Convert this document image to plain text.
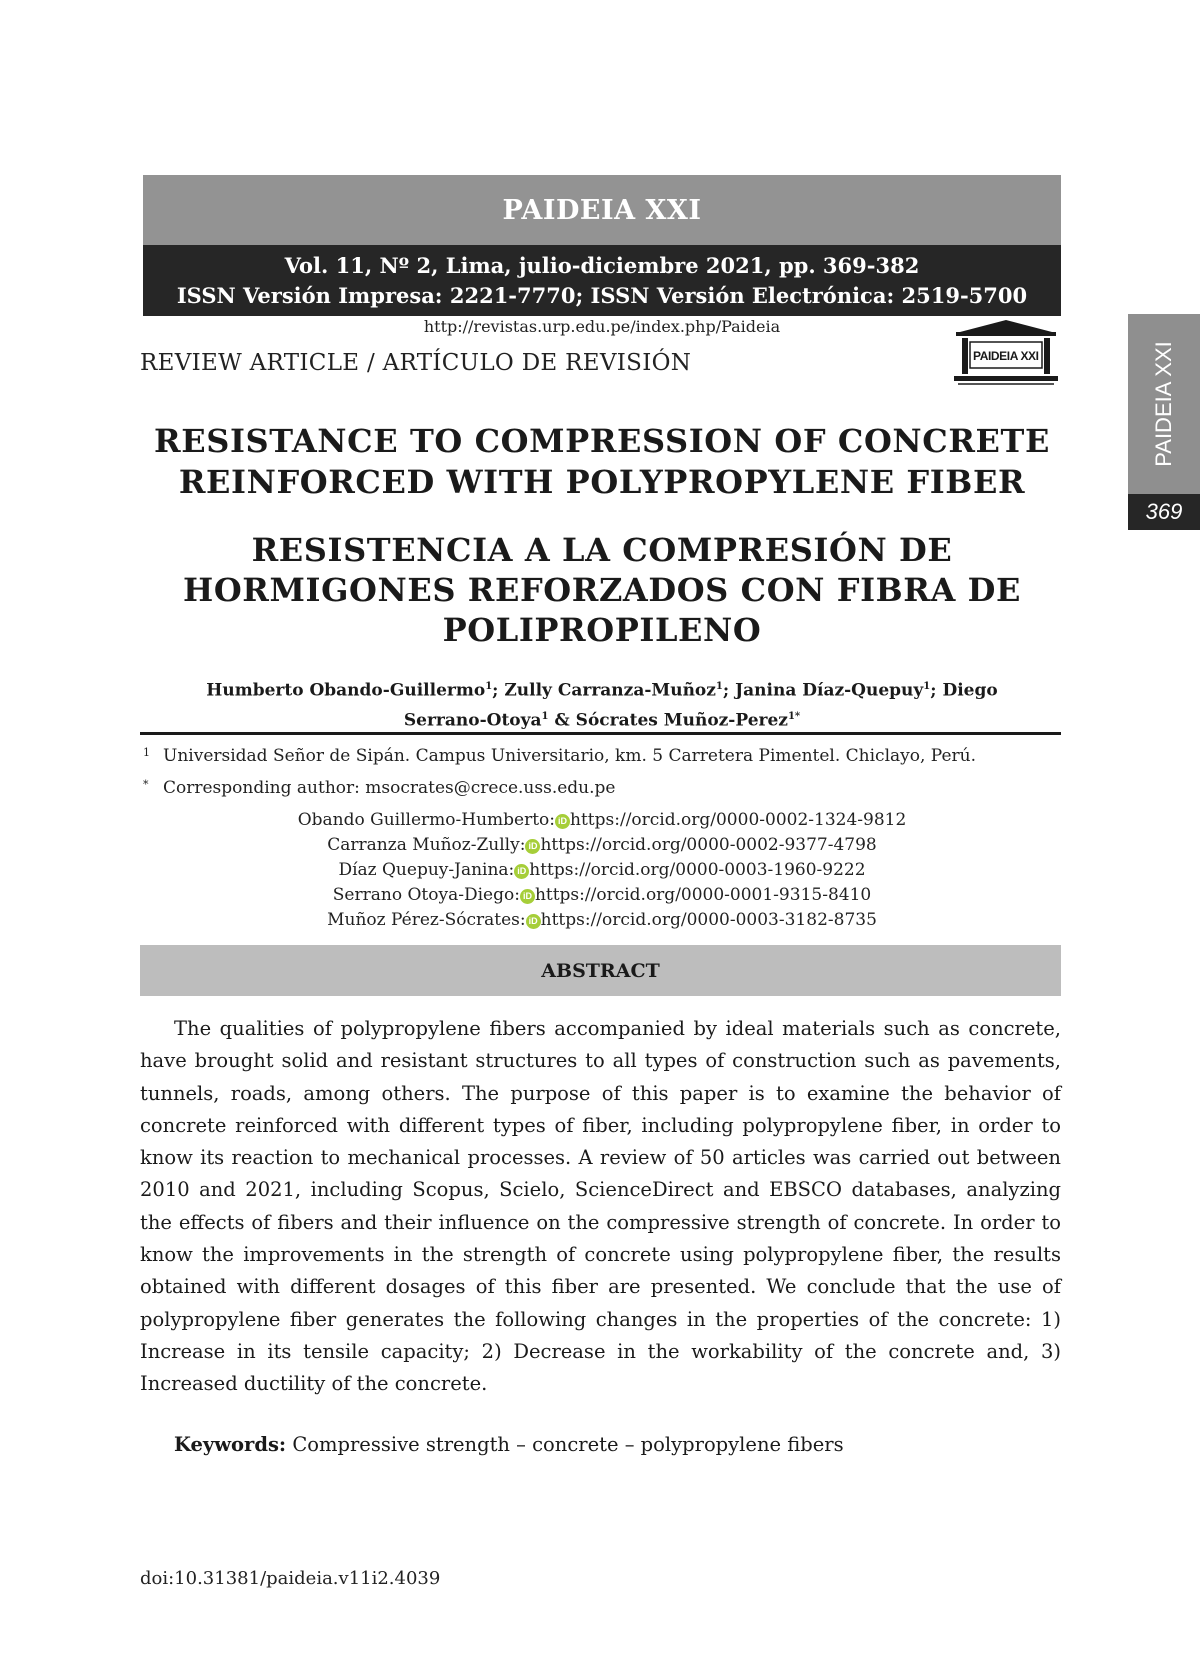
PAIDEIA XXI
Vol. 11, Nº 2, Lima, julio-diciembre 2021, pp. 369-382
ISSN Versión Impresa: 2221-7770; ISSN Versión Electrónica: 2519-5700
http://revistas.urp.edu.pe/index.php/Paideia
REVIEW ARTICLE / ARTÍCULO DE REVISIÓN	PAIDEIA XXI	PAIDEIA XXI
369
RESISTANCE TO COMPRESSION OF CONCRETE
REINFORCED WITH POLYPROPYLENE FIBER
RESISTENCIA A LA COMPRESIÓN DE
HORMIGONES REFORZADOS CON FIBRA DE
POLIPROPILENO
Humberto Obando-Guillermo$^1$; Zully Carranza-Muñoz$^1$; Janina Díaz-Quepuy$^1$; Diego
Serrano-Otoya$^1$ & Sócrates Muñoz-Perez$^{1*}$
1 Universidad Señor de Sipán. Campus Universitario, km. 5 Carretera Pimentel. Chiclayo, Perú.
* Corresponding author: msocrates@crece.uss.edu.pe
Obando Guillermo-Humberto: iD https://orcid.org/0000-0002-1324-9812
Carranza Muñoz-Zully: iD https://orcid.org/0000-0002-9377-4798
Díaz Quepuy-Janina: iD https://orcid.org/0000-0003-1960-9222
Serrano Otoya-Diego: iD https://orcid.org/0000-0001-9315-8410
Muñoz Pérez-Sócrates: iD https://orcid.org/0000-0003-3182-8735
ABSTRACT

The qualities of polypropylene fibers accompanied by ideal materials such as concrete, have brought solid and resistant structures to all types of construction such as pavements, tunnels, roads, among others. The purpose of this paper is to examine the behavior of concrete reinforced with different types of fiber, including polypropylene fiber, in order to know its reaction to mechanical processes. A review of 50 articles was carried out between 2010 and 2021, including Scopus, Scielo, ScienceDirect and EBSCO databases, analyzing the effects of fibers and their influence on the compressive strength of concrete. In order to know the improvements in the strength of concrete using polypropylene fiber, the results obtained with different dosages of this fiber are presented. We conclude that the use of polypropylene fiber generates the following changes in the properties of the concrete: 1) Increase in its tensile capacity; 2) Decrease in the workability of the concrete and, 3) Increased ductility of the concrete.

Keywords: Compressive strength – concrete – polypropylene fibers
doi:10.31381/paideia.v11i2.4039
